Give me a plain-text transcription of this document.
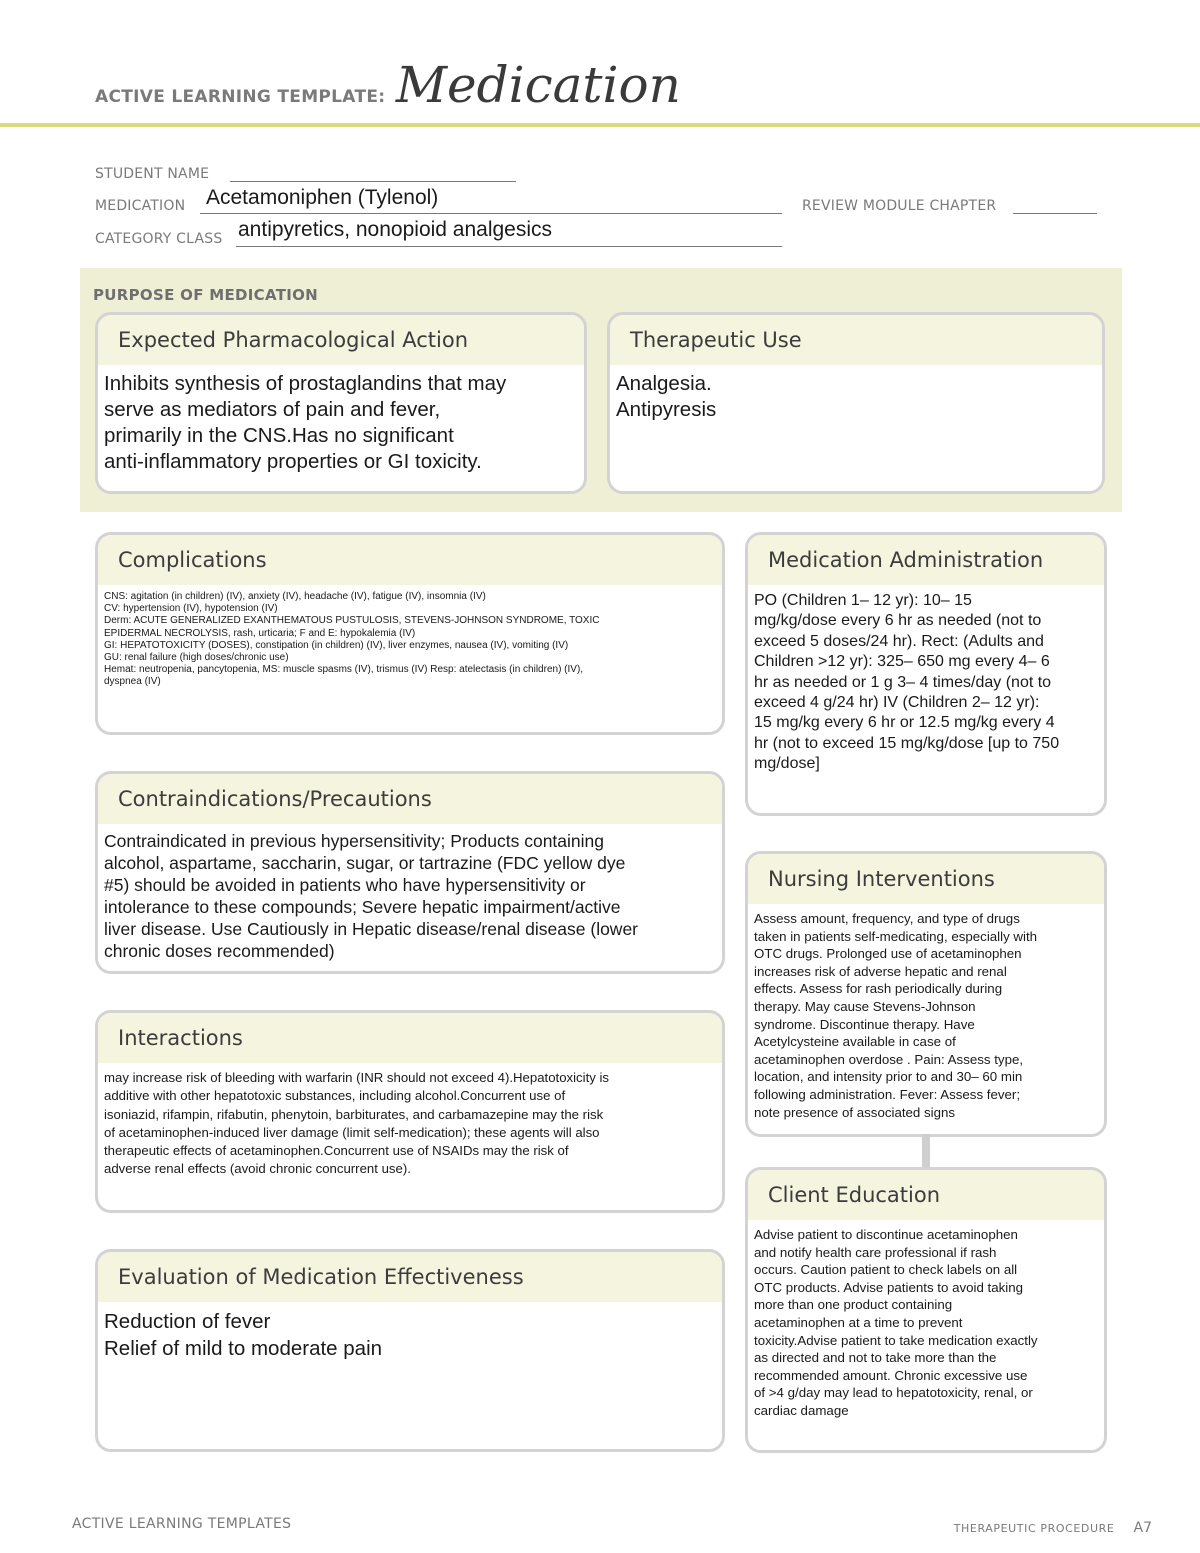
ACTIVE LEARNING TEMPLATE: Medication
STUDENT NAME
MEDICATION Acetamoniphen (Tylenol)	REVIEW MODULE CHAPTER
CATEGORY CLASS antipyretics, nonopioid analgesics
PURPOSE OF MEDICATION
Expected Pharmacological Action
Inhibits synthesis of prostaglandins that may
serve as mediators of pain and fever,
primarily in the CNS.Has no significant
anti-inflammatory properties or GI toxicity.
Therapeutic Use
Analgesia.
Antipyresis
Complications
CNS: agitation (in children) (IV), anxiety (IV), headache (IV), fatigue (IV), insomnia (IV)
CV: hypertension (IV), hypotension (IV)
Derm: ACUTE GENERALIZED EXANTHEMATOUS PUSTULOSIS, STEVENS-JOHNSON SYNDROME, TOXIC
EPIDERMAL NECROLYSIS, rash, urticaria; F and E: hypokalemia (IV)
GI: HEPATOTOXICITY (DOSES), constipation (in children) (IV), liver enzymes, nausea (IV), vomiting (IV)
GU: renal failure (high doses/chronic use)
Hemat: neutropenia, pancytopenia, MS: muscle spasms (IV), trismus (IV) Resp: atelectasis (in children) (IV),
dyspnea (IV)
Contraindications/Precautions
Contraindicated in previous hypersensitivity; Products containing
alcohol, aspartame, saccharin, sugar, or tartrazine (FDC yellow dye
#5) should be avoided in patients who have hypersensitivity or
intolerance to these compounds; Severe hepatic impairment/active
liver disease. Use Cautiously in Hepatic disease/renal disease (lower
chronic doses recommended)
Interactions
may increase risk of bleeding with warfarin (INR should not exceed 4).Hepatotoxicity is
additive with other hepatotoxic substances, including alcohol.Concurrent use of
isoniazid, rifampin, rifabutin, phenytoin, barbiturates, and carbamazepine may the risk
of acetaminophen-induced liver damage (limit self-medication); these agents will also
therapeutic effects of acetaminophen.Concurrent use of NSAIDs may the risk of
adverse renal effects (avoid chronic concurrent use).
Evaluation of Medication Effectiveness
Reduction of fever
Relief of mild to moderate pain
Medication Administration
PO (Children 1– 12 yr): 10– 15
mg/kg/dose every 6 hr as needed (not to
exceed 5 doses/24 hr). Rect: (Adults and
Children >12 yr): 325– 650 mg every 4– 6
hr as needed or 1 g 3– 4 times/day (not to
exceed 4 g/24 hr) IV (Children 2– 12 yr):
15 mg/kg every 6 hr or 12.5 mg/kg every 4
hr (not to exceed 15 mg/kg/dose [up to 750
mg/dose]
Nursing Interventions
Assess amount, frequency, and type of drugs
taken in patients self-medicating, especially with
OTC drugs. Prolonged use of acetaminophen
increases risk of adverse hepatic and renal
effects. Assess for rash periodically during
therapy. May cause Stevens-Johnson
syndrome. Discontinue therapy. Have
Acetylcysteine available in case of
acetaminophen overdose . Pain: Assess type,
location, and intensity prior to and 30– 60 min
following administration. Fever: Assess fever;
note presence of associated signs
Client Education
Advise patient to discontinue acetaminophen
and notify health care professional if rash
occurs. Caution patient to check labels on all
OTC products. Advise patients to avoid taking
more than one product containing
acetaminophen at a time to prevent
toxicity.Advise patient to take medication exactly
as directed and not to take more than the
recommended amount. Chronic excessive use
of >4 g/day may lead to hepatotoxicity, renal, or
cardiac damage
ACTIVE LEARNING TEMPLATES	THERAPEUTIC PROCEDURE A7
